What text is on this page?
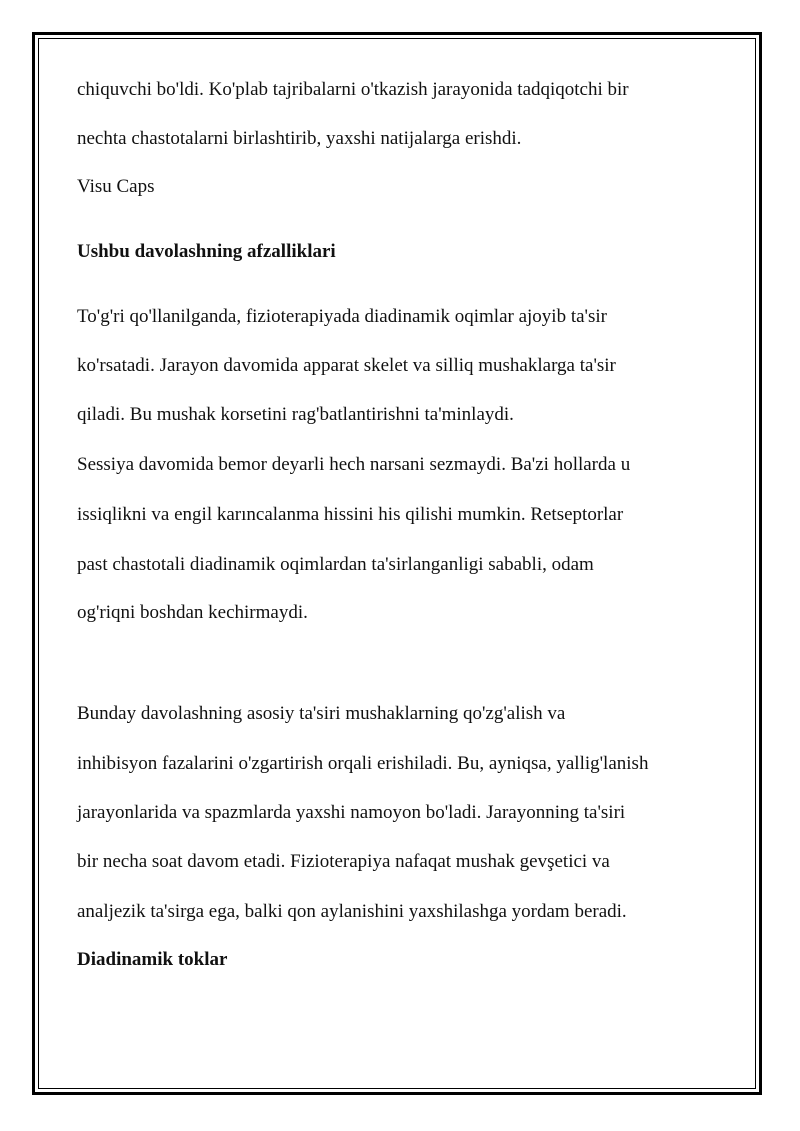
chiquvchi bo'ldi. Ko'plab tajribalarni o'tkazish jarayonida tadqiqotchi bir
nechta chastotalarni birlashtirib, yaxshi natijalarga erishdi.
Visu Caps
Ushbu davolashning afzalliklari
To'g'ri qo'llanilganda, fizioterapiyada diadinamik oqimlar ajoyib ta'sir
ko'rsatadi. Jarayon davomida apparat skelet va silliq mushaklarga ta'sir
qiladi. Bu mushak korsetini rag'batlantirishni ta'minlaydi.
Sessiya davomida bemor deyarli hech narsani sezmaydi. Ba'zi hollarda u
issiqlikni va engil karıncalanma hissini his qilishi mumkin. Retseptorlar
past chastotali diadinamik oqimlardan ta'sirlanganligi sababli, odam
og'riqni boshdan kechirmaydi.
Bunday davolashning asosiy ta'siri mushaklarning qo'zg'alish va
inhibisyon fazalarini o'zgartirish orqali erishiladi. Bu, ayniqsa, yallig'lanish
jarayonlarida va spazmlarda yaxshi namoyon bo'ladi. Jarayonning ta'siri
bir necha soat davom etadi. Fizioterapiya nafaqat mushak gevşetici va
analjezik ta'sirga ega, balki qon aylanishini yaxshilashga yordam beradi.
Diadinamik toklar
